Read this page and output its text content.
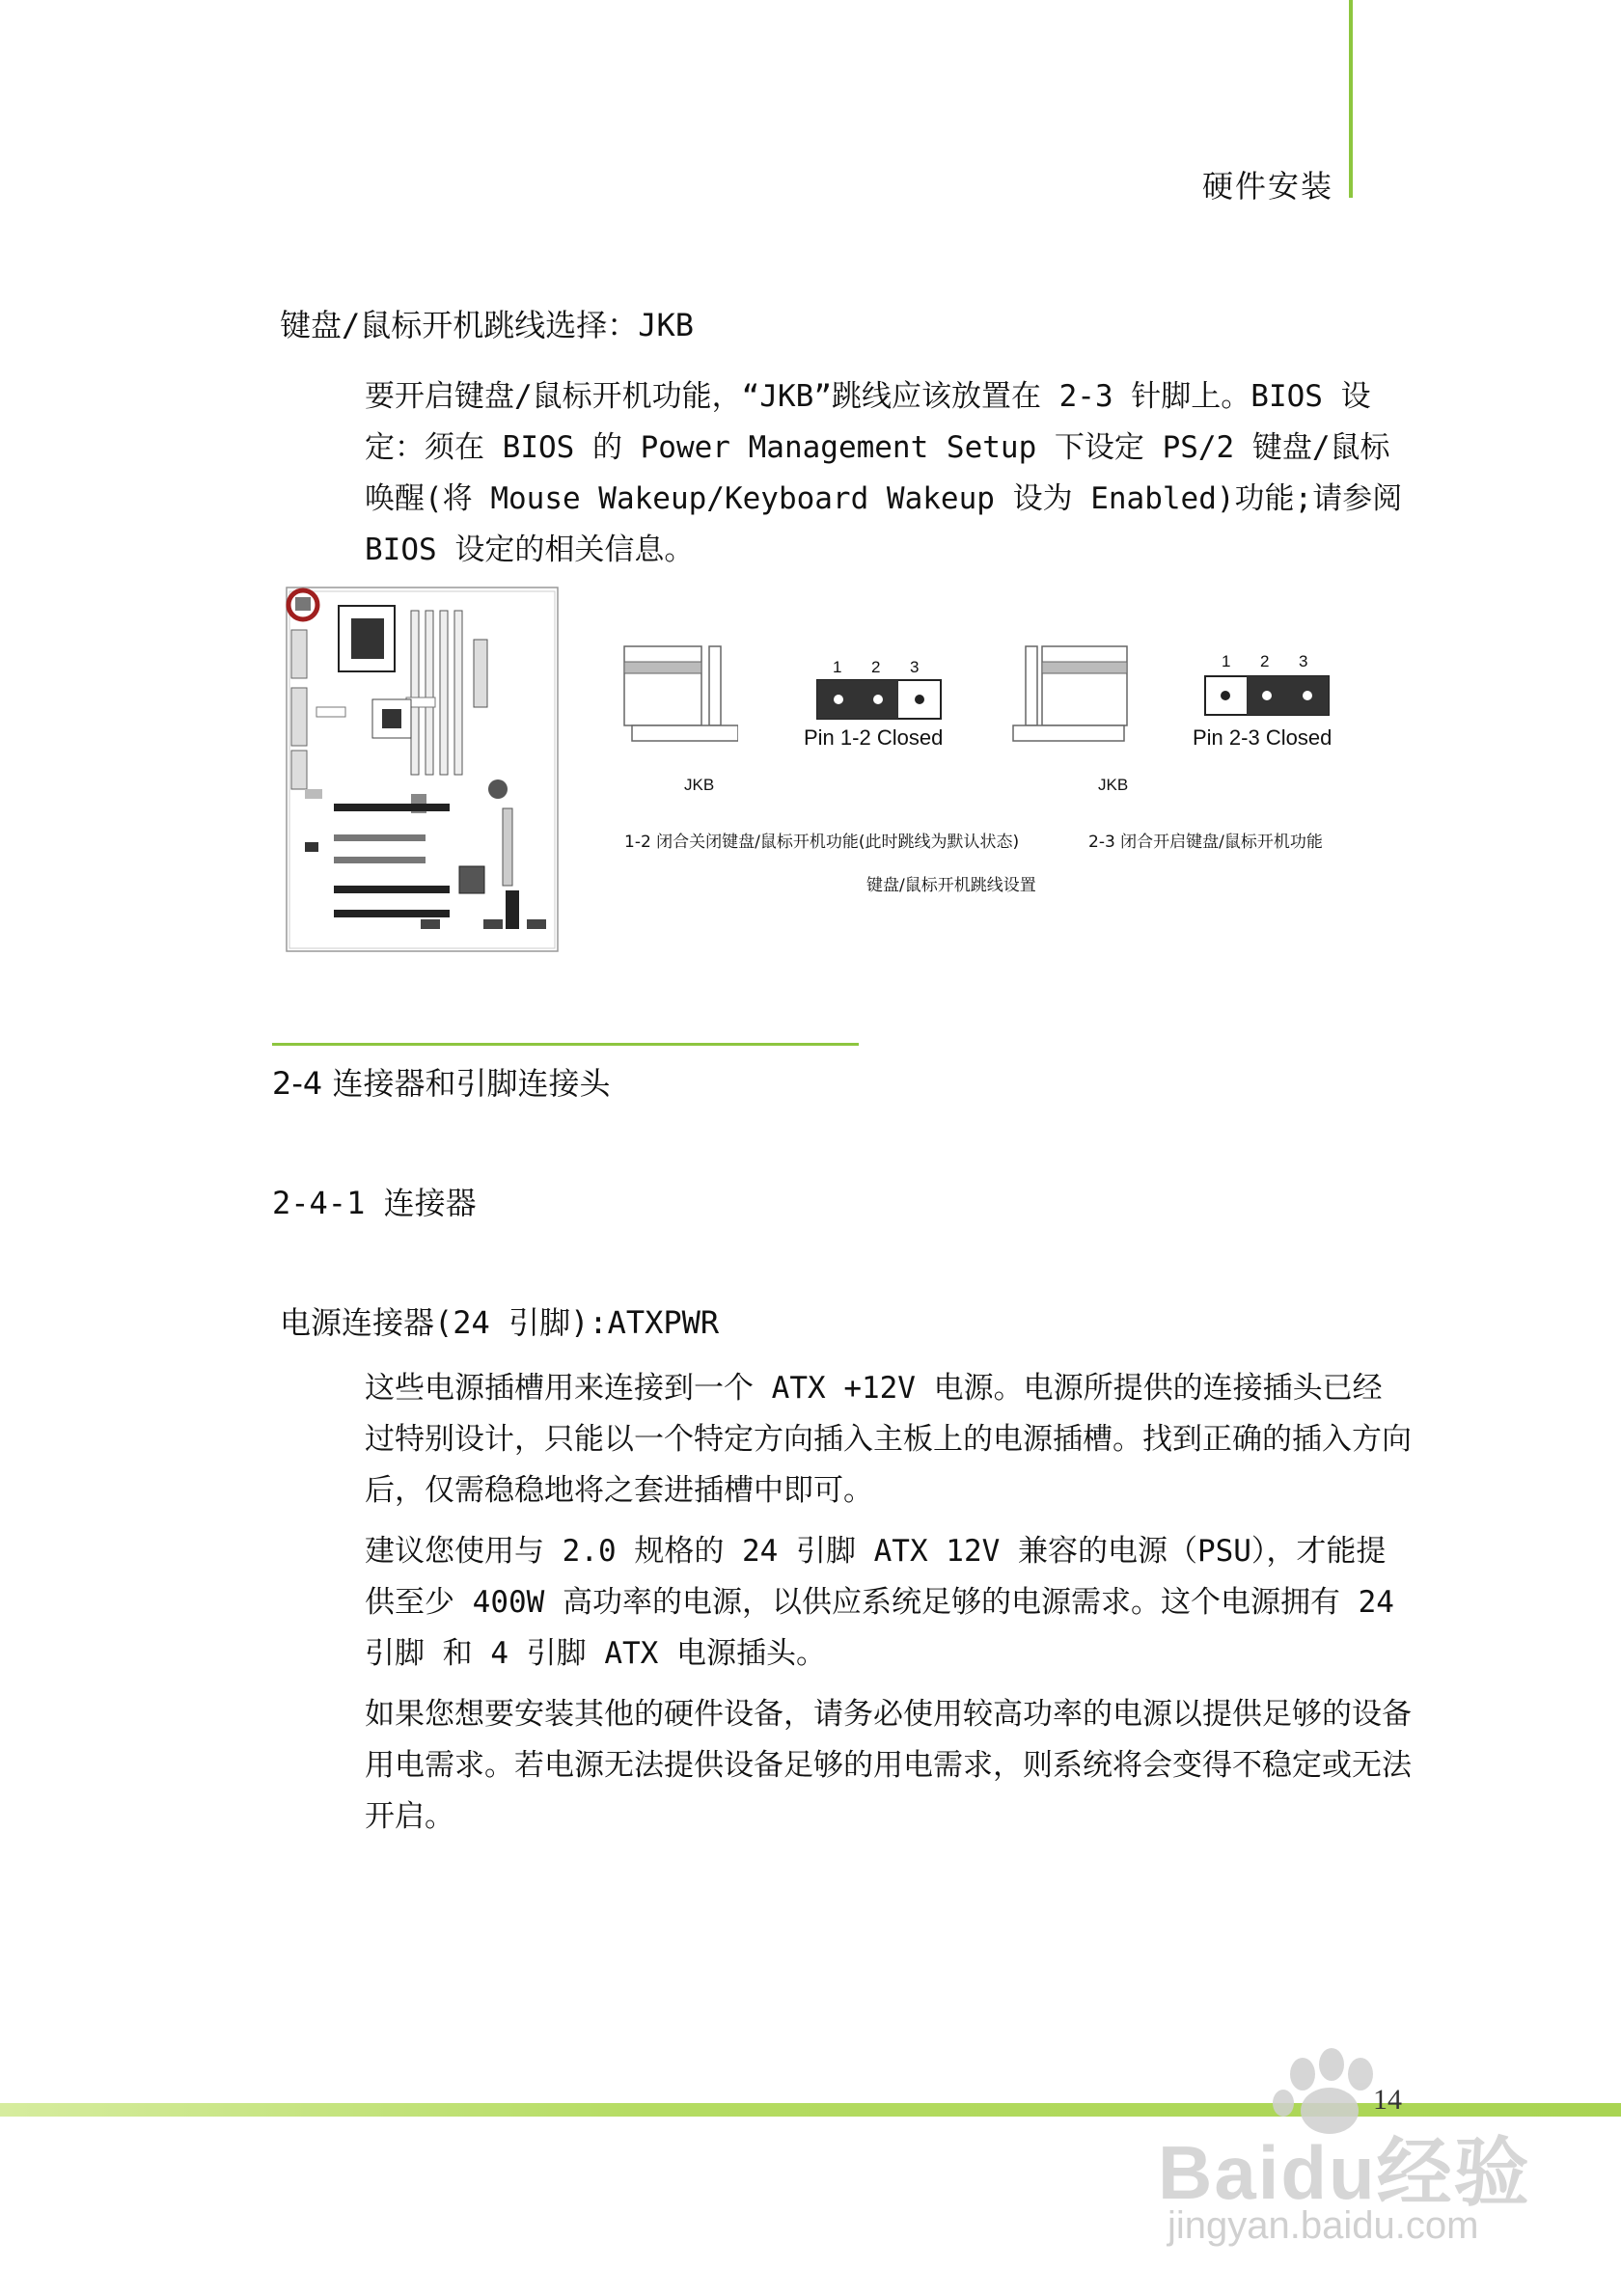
硬件安装
键盘/鼠标开机跳线选择：JKB

要开启键盘/鼠标开机功能，“JKB”跳线应该放置在 2-3 针脚上。BIOS 设定：须在 BIOS 的 Power Management Setup 下设定 PS/2 键盘/鼠标唤醒(将 Mouse Wakeup/Keyboard Wakeup 设为 Enabled)功能;请参阅 BIOS 设定的相关信息。

JKB
1 2 3
Pin 1-2 Closed
JKB
1 2 3
Pin 2-3 Closed
1-2 闭合关闭键盘/鼠标开机功能(此时跳线为默认状态)	2-3 闭合开启键盘/鼠标开机功能
键盘/鼠标开机跳线设置
2-4 连接器和引脚连接头
2-4-1 连接器
电源连接器(24 引脚):ATXPWR

这些电源插槽用来连接到一个 ATX +12V 电源。电源所提供的连接插头已经过特别设计，只能以一个特定方向插入主板上的电源插槽。找到正确的插入方向后，仅需稳稳地将之套进插槽中即可。

建议您使用与 2.0 规格的 24 引脚 ATX 12V 兼容的电源（PSU），才能提供至少 400W 高功率的电源，以供应系统足够的电源需求。这个电源拥有 24 引脚 和 4 引脚 ATX 电源插头。

如果您想要安装其他的硬件设备，请务必使用较高功率的电源以提供足够的设备用电需求。若电源无法提供设备足够的用电需求，则系统将会变得不稳定或无法开启。

14
Baidu经验
jingyan.baidu.com
